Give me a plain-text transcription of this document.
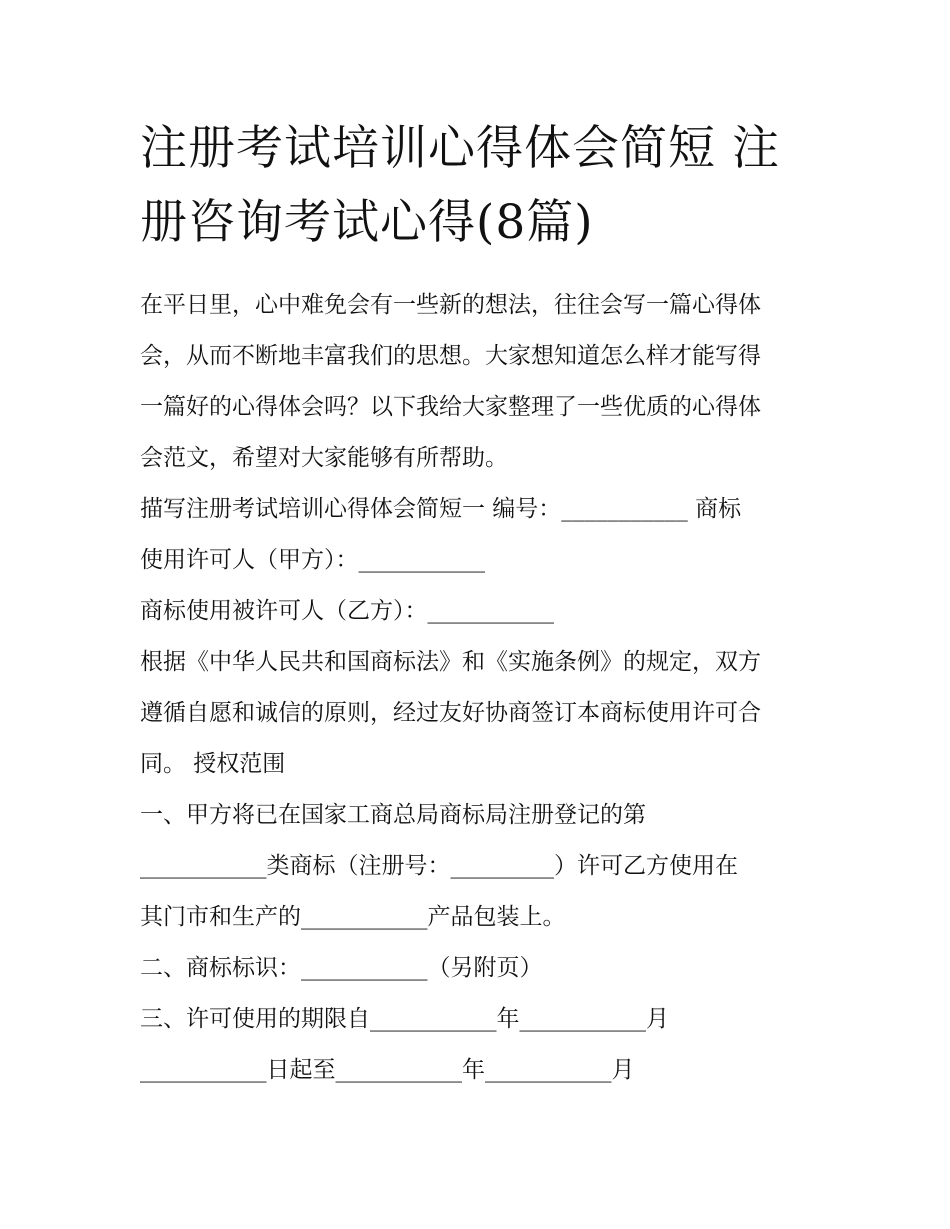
注册考试培训心得体会简短 注册咨询考试心得(8篇)

在平日里，心中难免会有一些新的想法，往往会写一篇心得体

会，从而不断地丰富我们的思想。大家想知道怎么样才能写得

一篇好的心得体会吗？以下我给大家整理了一些优质的心得体

会范文，希望对大家能够有所帮助。

描写注册考试培训心得体会简短一 编号：___________ 商标

使用许可人（甲方）：___________

商标使用被许可人（乙方）：___________

根据《中华人民共和国商标法》和《实施条例》的规定，双方

遵循自愿和诚信的原则，经过友好协商签订本商标使用许可合

同。 授权范围

一、甲方将已在国家工商总局商标局注册登记的第

___________类商标（注册号：_________）许可乙方使用在

其门市和生产的___________产品包装上。

二、商标标识：___________（另附页）

三、许可使用的期限自___________年___________月

___________日起至___________年___________月
